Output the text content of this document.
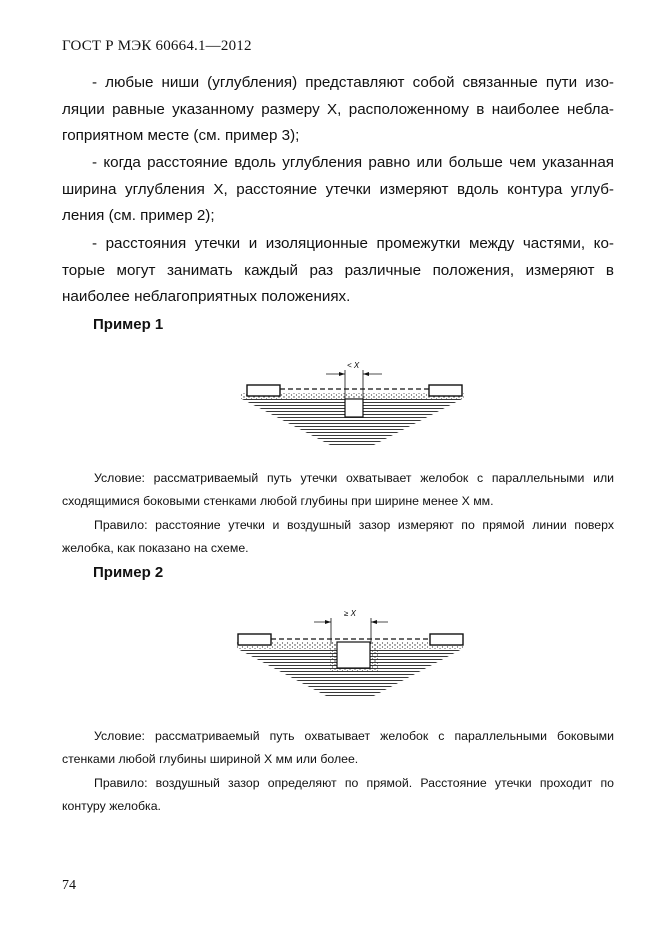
ГОСТ Р МЭК 60664.1—2012
- любые ниши (углубления) представляют собой связанные пути изо-ляции равные указанному размеру X, расположенному в наиболее небла-гоприятном месте (см. пример 3);
- когда расстояние вдоль углубления равно или больше чем указанная ширина углубления X, расстояние утечки измеряют вдоль контура углуб-ления (см. пример 2);
- расстояния утечки и изоляционные промежутки между частями, ко-торые могут занимать каждый раз различные положения, измеряют в наиболее неблагоприятных положениях.
Пример 1
< X
Условие: рассматриваемый путь утечки охватывает желобок с параллельными или сходящимися боковыми стенками любой глубины при ширине менее X мм.
Правило: расстояние утечки и воздушный зазор измеряют по прямой линии поверх желобка, как показано на схеме.
Пример 2
≥ X
Условие: рассматриваемый путь охватывает желобок с параллельными боковыми стенками любой глубины шириной X мм или более.
Правило: воздушный зазор определяют по прямой. Расстояние утечки проходит по контуру желобка.
74
